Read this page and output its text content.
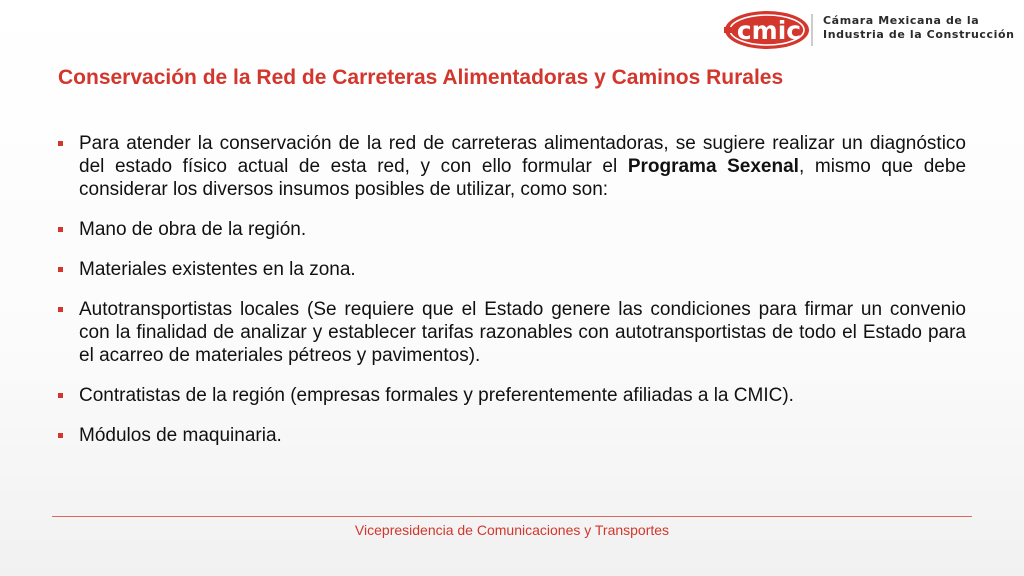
cmic Cámara Mexicana de la
Industria de la Construcción
Conservación de la Red de Carreteras Alimentadoras y Caminos Rurales
Para atender la conservación de la red de carreteras alimentadoras, se sugiere realizar un diagnóstico del estado físico actual de esta red, y con ello formular el Programa Sexenal, mismo que debe considerar los diversos insumos posibles de utilizar, como son:
Mano de obra de la región.
Materiales existentes en la zona.
Autotransportistas locales (Se requiere que el Estado genere las condiciones para firmar un convenio con la finalidad de analizar y establecer tarifas razonables con autotransportistas de todo el Estado para el acarreo de materiales pétreos y pavimentos).
Contratistas de la región (empresas formales y preferentemente afiliadas a la CMIC).
Módulos de maquinaria.
Vicepresidencia de Comunicaciones y Transportes
